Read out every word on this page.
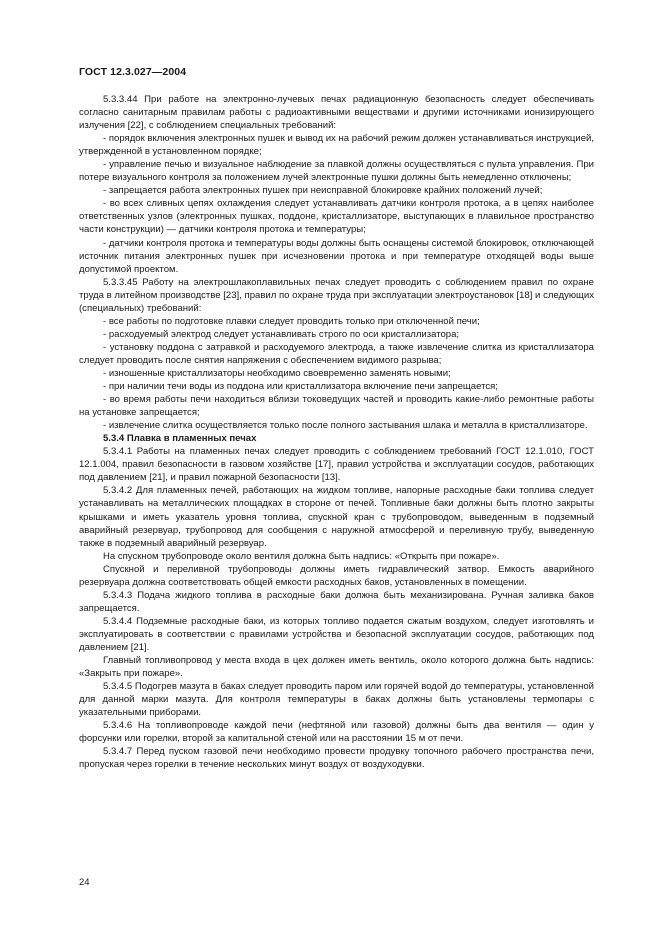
ГОСТ 12.3.027—2004

5.3.3.44 При работе на электронно-лучевых печах радиационную безопасность следует обеспечивать согласно санитарным правилам работы с радиоактивными веществами и другими источниками ионизирующего излучения [22], с соблюдением специальных требований:

- порядок включения электронных пушек и вывод их на рабочий режим должен устанавливаться инструкцией, утвержденной в установленном порядке;

- управление печью и визуальное наблюдение за плавкой должны осуществляться с пульта управления. При потере визуального контроля за положением лучей электронные пушки должны быть немедленно отключены;

- запрещается работа электронных пушек при неисправной блокировке крайних положений лучей;

- во всех сливных цепях охлаждения следует устанавливать датчики контроля протока, а в цепях наиболее ответственных узлов (электронных пушках, поддоне, кристаллизаторе, выступающих в плавильное пространство части конструкции) — датчики контроля протока и температуры;

- датчики контроля протока и температуры воды должны быть оснащены системой блокировок, отключающей источник питания электронных пушек при исчезновении протока и при температуре отходящей воды выше допустимой проектом.

5.3.3.45 Работу на электрошлакоплавильных печах следует проводить с соблюдением правил по охране труда в литейном производстве [23], правил по охране труда при эксплуатации электроустановок [18] и следующих (специальных) требований:

- все работы по подготовке плавки следует проводить только при отключенной печи;

- расходуемый электрод следует устанавливать строго по оси кристаллизатора;

- установку поддона с затравкой и расходуемого электрода, а также извлечение слитка из кристаллизатора следует проводить после снятия напряжения с обеспечением видимого разрыва;

- изношенные кристаллизаторы необходимо своевременно заменять новыми;

- при наличии течи воды из поддона или кристаллизатора включение печи запрещается;

- во время работы печи находиться вблизи токоведущих частей и проводить какие-либо ремонтные работы на установке запрещается;

- извлечение слитка осуществляется только после полного застывания шлака и металла в кристаллизаторе.

5.3.4 Плавка в пламенных печах

5.3.4.1 Работы на пламенных печах следует проводить с соблюдением требований ГОСТ 12.1.010, ГОСТ 12.1.004, правил безопасности в газовом хозяйстве [17], правил устройства и эксплуатации сосудов, работающих под давлением [21], и правил пожарной безопасности [13].

5.3.4.2 Для пламенных печей, работающих на жидком топливе, напорные расходные баки топлива следует устанавливать на металлических площадках в стороне от печей. Топливные баки должны быть плотно закрыты крышками и иметь указатель уровня топлива, спускной кран с трубопроводом, выведенным в подземный аварийный резервуар, трубопровод для сообщения с наружной атмосферой и переливную трубу, выведенную также в подземный аварийный резервуар.

На спускном трубопроводе около вентиля должна быть надпись: «Открыть при пожаре».

Спускной и переливной трубопроводы должны иметь гидравлический затвор. Емкость аварийного резервуара должна соответствовать общей емкости расходных баков, установленных в помещении.

5.3.4.3 Подача жидкого топлива в расходные баки должна быть механизирована. Ручная заливка баков запрещается.

5.3.4.4 Подземные расходные баки, из которых топливо подается сжатым воздухом, следует изготовлять и эксплуатировать в соответствии с правилами устройства и безопасной эксплуатации сосудов, работающих под давлением [21].

Главный топливопровод у места входа в цех должен иметь вентиль, около которого должна быть надпись: «Закрыть при пожаре».

5.3.4.5 Подогрев мазута в баках следует проводить паром или горячей водой до температуры, установленной для данной марки мазута. Для контроля температуры в баках должны быть установлены термопары с указательными приборами.

5.3.4.6 На топливопроводе каждой печи (нефтяной или газовой) должны быть два вентиля — один у форсунки или горелки, второй за капитальной стеной или на расстоянии 15 м от печи.

5.3.4.7 Перед пуском газовой печи необходимо провести продувку топочного рабочего пространства печи, пропуская через горелки в течение нескольких минут воздух от воздуходувки.

24
